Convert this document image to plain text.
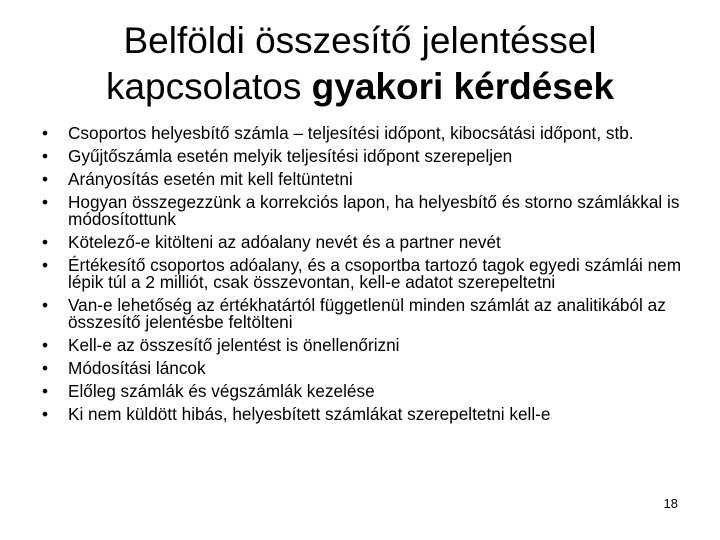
Belföldi összesítő jelentéssel
kapcsolatos gyakori kérdések
•	Csoportos helyesbítő számla – teljesítési időpont, kibocsátási időpont, stb.
•	Gyűjtőszámla esetén melyik teljesítési időpont szerepeljen
•	Arányosítás esetén mit kell feltüntetni
•	Hogyan összegezzünk a korrekciós lapon, ha helyesbítő és storno számlákkal is módosítottunk
•	Kötelező-e kitölteni az adóalany nevét és a partner nevét
•	Értékesítő csoportos adóalany, és a csoportba tartozó tagok egyedi számlái nem lépik túl a 2 milliót, csak összevontan, kell-e adatot szerepeltetni
•	Van-e lehetőség az értékhatártól függetlenül minden számlát az analitikából az összesítő jelentésbe feltölteni
•	Kell-e az összesítő jelentést is önellenőrizni
•	Módosítási láncok
•	Előleg számlák és végszámlák kezelése
•	Ki nem küldött hibás, helyesbített számlákat szerepeltetni kell-e
18
